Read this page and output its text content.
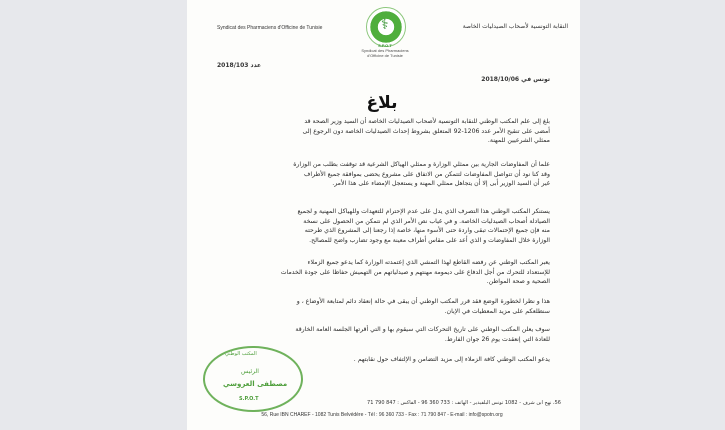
Syndicat des Pharmaciens d'Officine de Tunisie	⚕
S.P.O.T
Syndicat des Pharmaciens
d'Officine de Tunisie
النقابة التونسية لأصحاب الصيدليات الخاصة
عدد 2018/103
تونس في 2018/10/06
بلاغ
بلغ إلى علم المكتب الوطني للنقابة التونسية لأصحاب الصيدليات الخاصة أن السيد وزير الصحة قد
أمضى على تنقيح الأمر عدد 1206-92 المتعلق بشروط إحداث الصيدليات الخاصة دون الرجوع إلى
ممثلي الشرعيين للمهنة.
علما أن المفاوضات الجارية بين ممثلي الوزارة و ممثلي الهياكل الشرعية قد توقفت بطلب من الوزارة
وقد كنا نود أن تتواصل المفاوضات لتتمكن من الاتفاق على مشروع يحضى بموافقة جميع الأطراف
غير أن السيد الوزير أبى إلا أن يتجاهل ممثلي المهنة و يستعجل الإمضاء على هذا الأمر.
يستنكر المكتب الوطني هذا التصرف الذي يدل على عدم الإحترام للتعهدات وللهياكل المهنية و لجميع
الصيادلة أصحاب الصيدليات الخاصة. و في غياب نص الأمر الذي لم نتمكن من الحصول على نسخة
منه فإن جميع الإحتمالات تبقى واردة حتى الأسوء منها، خاصة إذا رجعنا إلى المشروع الذي طرحته
الوزارة خلال المفاوضات و الذي أعد على مقاس أطراف معينة مع وجود تضارب واضح للمصالح.
يعبر المكتب الوطني عن رفضه القاطع لهذا التمشي الذي إعتمدته الوزارة كما يدعو جميع الزملاء
للإستعداد للتحرك من أجل الدفاع على ديمومة مهنتهم و صيدلياتهم من التهميش حفاظا على جودة الخدمات
الصحية و صحة المواطن.
هذا و نظرا لخطورة الوضع فقد قرر المكتب الوطني أن يبقى في حالة إنعقاد دائم لمتابعة الأوضاع ، و
سنطلعكم على مزيد المعطيات في الإبان.
سوف يعلن المكتب الوطني على تاريخ التحركات التي سيقوم بها و التي أقرتها الجلسة العامة الخارقة
للعادة التي إنعقدت يوم 26 جوان الفارط.
يدعو المكتب الوطني كافة الزملاء إلى مزيد التضامن و الإلتفاف حول نقابتهم .
المكتب الوطني
الرئيس
مصطفى العروسي
S.P.O.T
56، نهج ابن شرف - 1082 تونس البلفيدير - الهاتف : 733 360 96 - الفاكس : 847 790 71
56, Rue IBN CHAREF - 1082 Tunis Belvédère - Tél : 96 360 733 - Fax : 71 790 847 - E-mail : info@spotn.org
